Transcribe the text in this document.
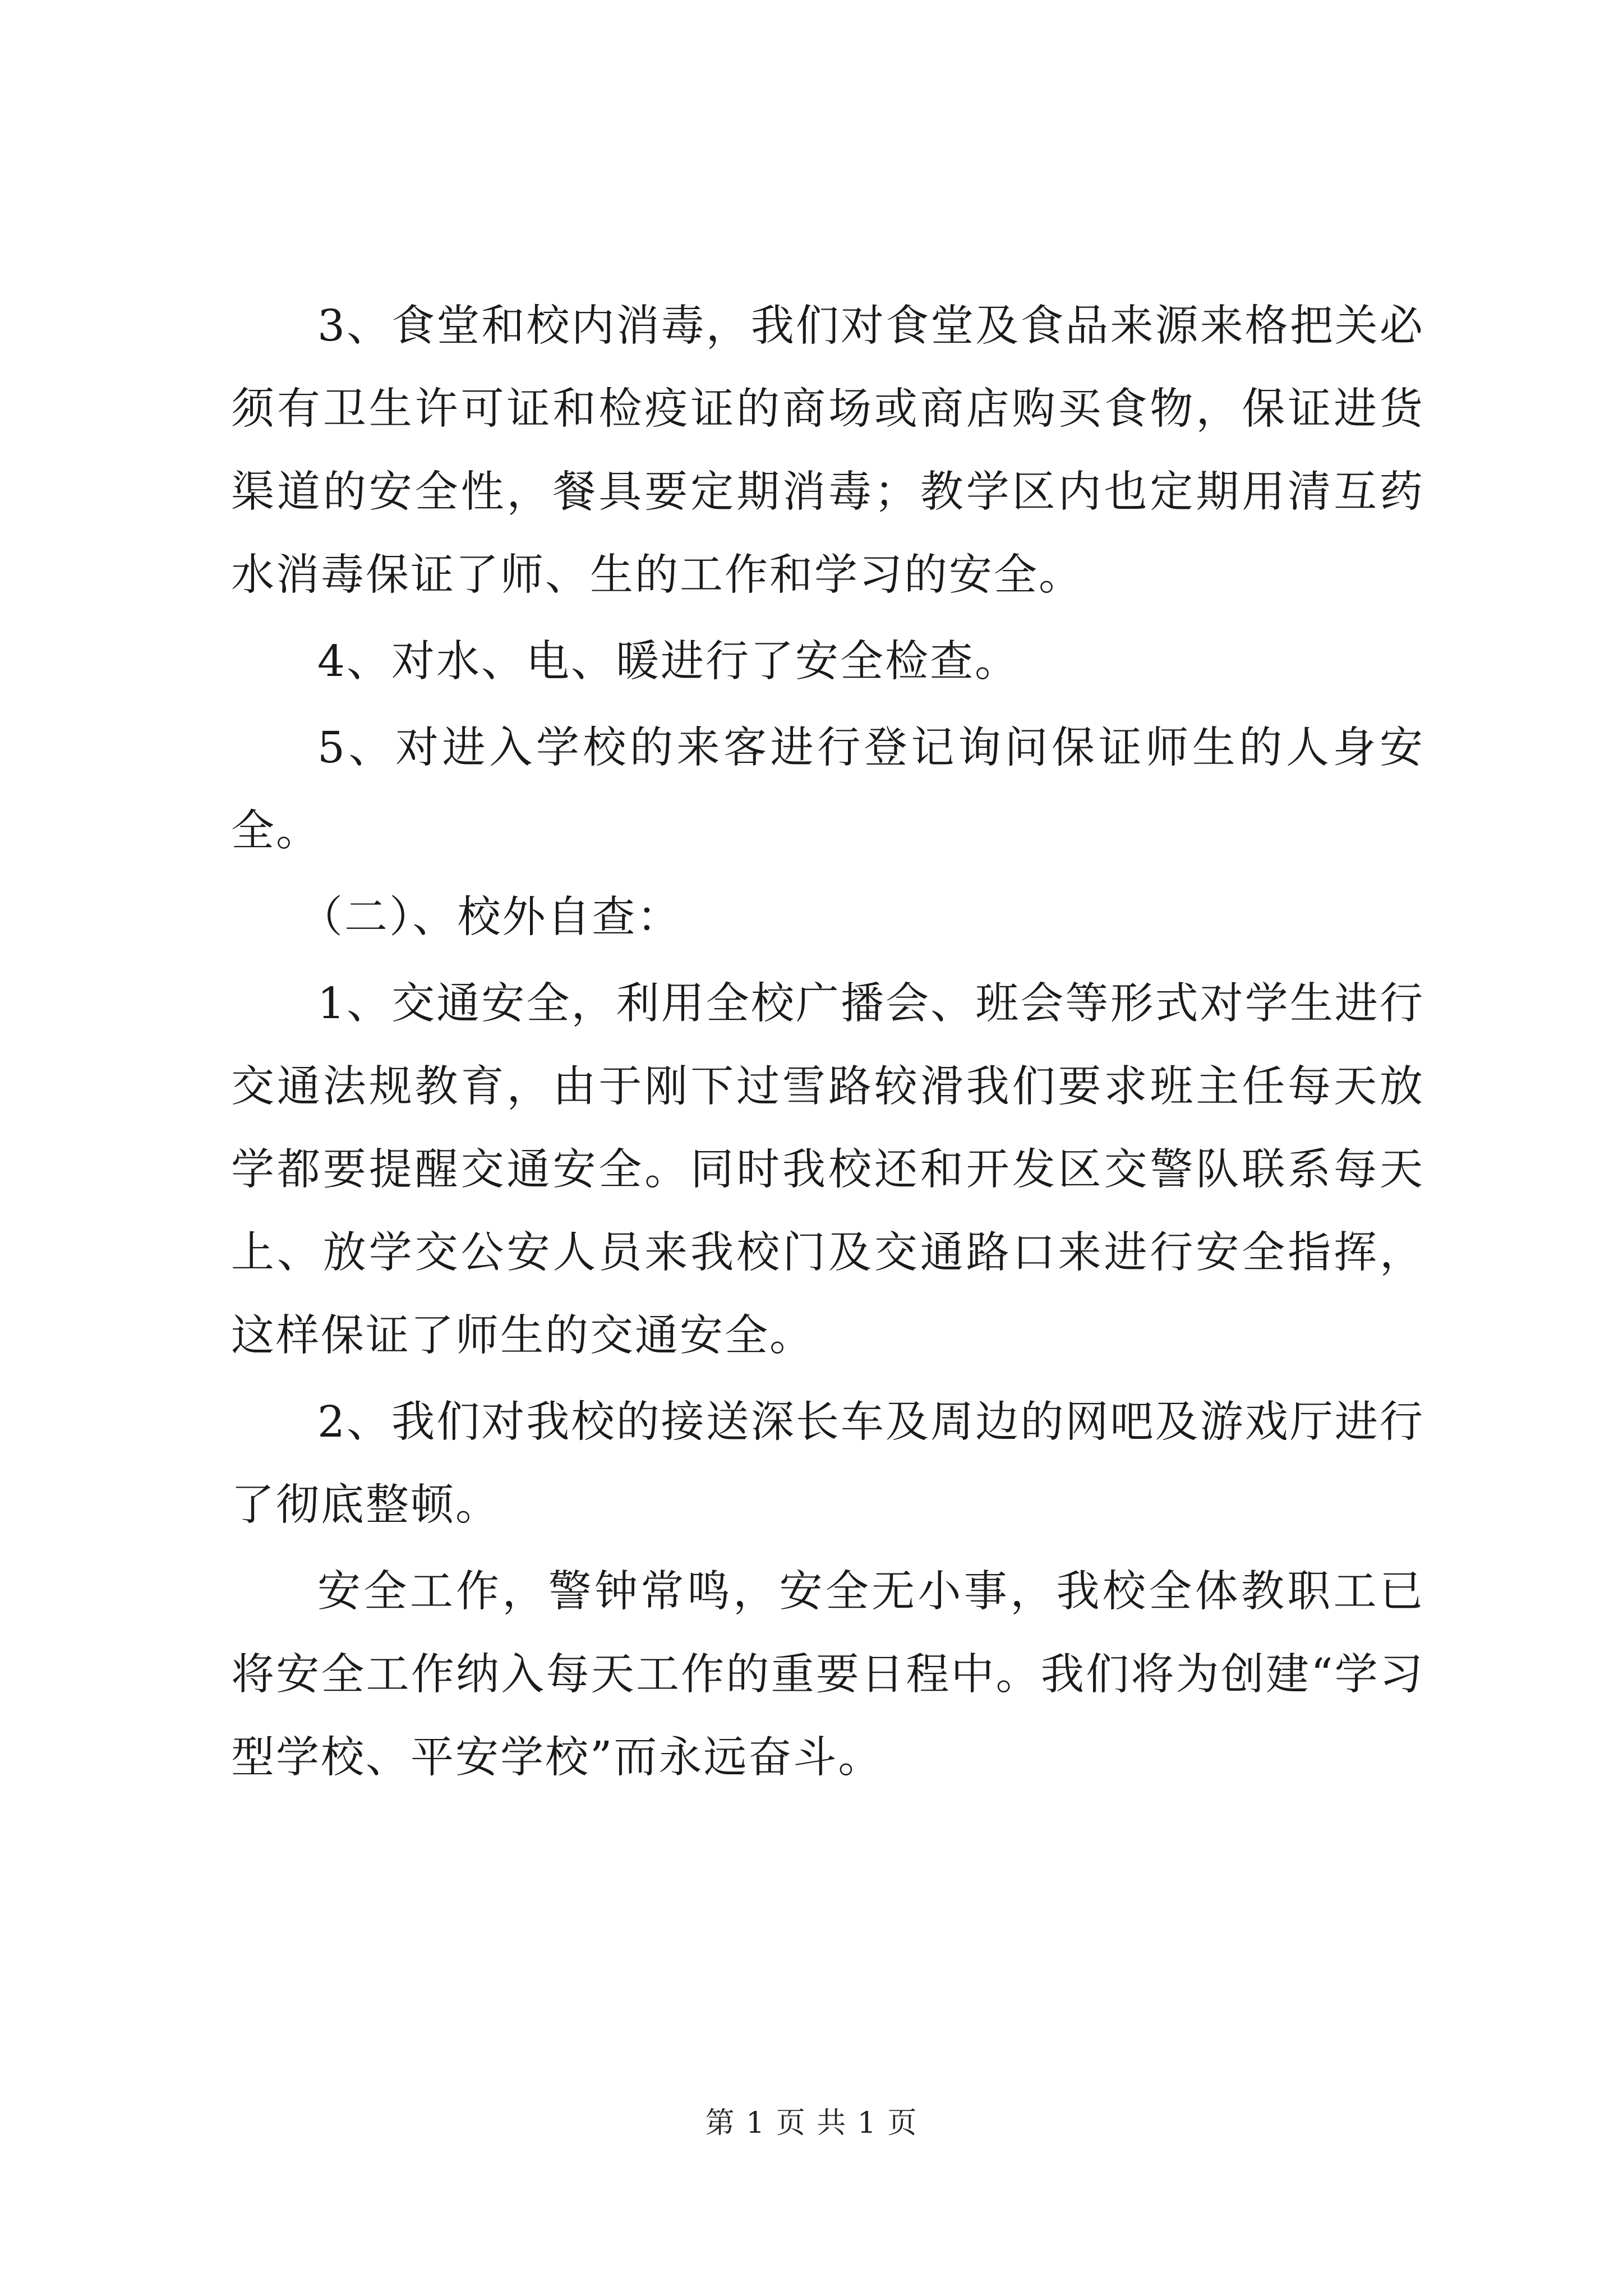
3、食堂和校内消毒，我们对食堂及食品来源来格把关必须有卫生许可证和检疫证的商场或商店购买食物，保证进货渠道的安全性，餐具要定期消毒；教学区内也定期用清互药水消毒保证了师、生的工作和学习的安全。

4、对水、电、暖进行了安全检查。

5、对进入学校的来客进行登记询问保证师生的人身安全。

（二）、校外自查：

1、交通安全，利用全校广播会、班会等形式对学生进行交通法规教育，由于刚下过雪路较滑我们要求班主任每天放学都要提醒交通安全。同时我校还和开发区交警队联系每天上、放学交公安人员来我校门及交通路口来进行安全指挥，这样保证了师生的交通安全。

2、我们对我校的接送深长车及周边的网吧及游戏厅进行了彻底整顿。

安全工作，警钟常鸣，安全无小事，我校全体教职工已将安全工作纳入每天工作的重要日程中。我们将为创建“学习型学校、平安学校”而永远奋斗。

第 1 页 共 1 页
